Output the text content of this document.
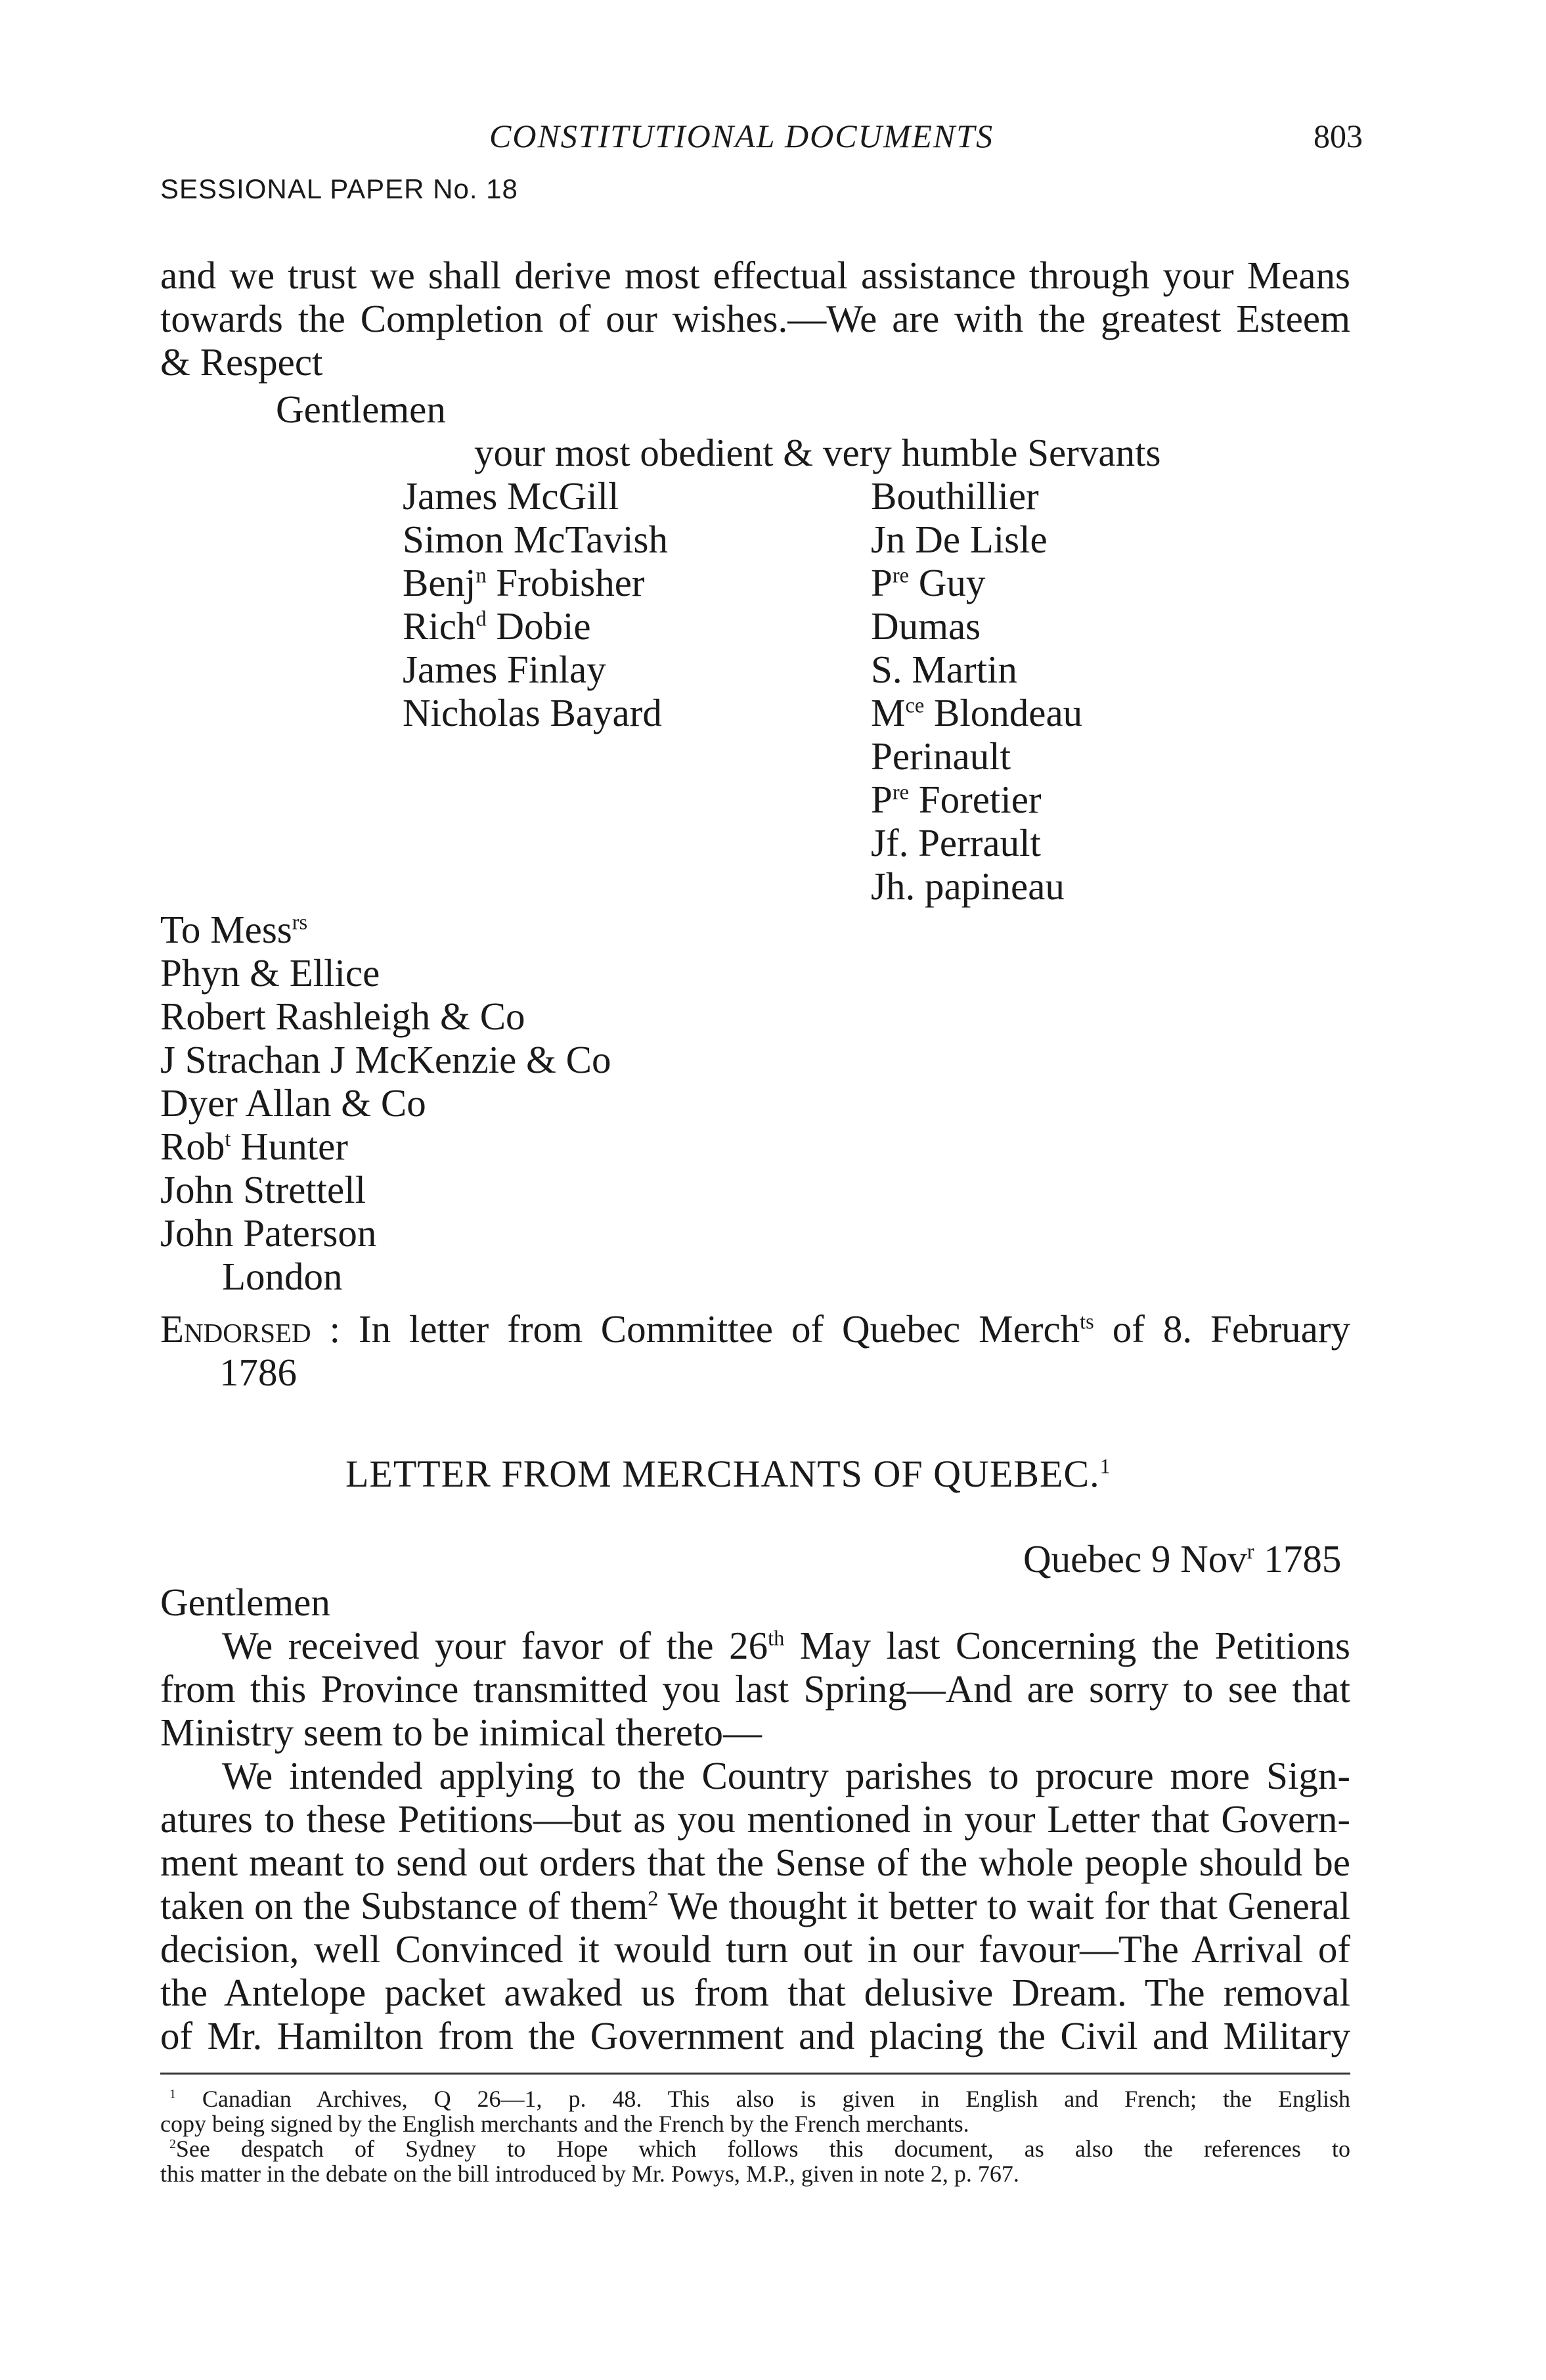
CONSTITUTIONAL DOCUMENTS	803
SESSIONAL PAPER No. 18
and we trust we shall derive most effectual assistance through your Means
towards the Completion of our wishes.—We are with the greatest Esteem
& Respect
Gentlemen
your most obedient & very humble Servants
James McGill
Simon McTavish
Benj$^n$ Frobisher
Rich$^d$ Dobie
James Finlay
Nicholas Bayard
Bouthillier
Jn De Lisle
$P^{re}$ Guy
Dumas
S. Martin
$M^{ce}$ Blondeau
Perinault
$P^{re}$ Foretier
Jf. Perrault
Jh. papineau
To Mess$^{rs}$
Phyn & Ellice
Robert Rashleigh & Co
J Strachan J McKenzie & Co
Dyer Allan & Co
Rob$^t$ Hunter
John Strettell
John Paterson
London
Endorsed : In letter from Committee of Quebec Merch$^{ts}$ of 8. February
1786
LETTER FROM MERCHANTS OF QUEBEC.$^1$
Quebec 9 Nov$^r$ 1785
Gentlemen
We received your favor of the 26th May last Concerning the Petitions
from this Province transmitted you last Spring—And are sorry to see that
Ministry seem to be inimical thereto—
We intended applying to the Country parishes to procure more Sign-
atures to these Petitions—but as you mentioned in your Letter that Govern-
ment meant to send out orders that the Sense of the whole people should be
taken on the Substance of them$^2$ We thought it better to wait for that General
decision, well Convinced it would turn out in our favour—The Arrival of
the Antelope packet awaked us from that delusive Dream. The removal
of Mr. Hamilton from the Government and placing the Civil and Military
$^1$ Canadian Archives, Q 26—1, p. 48. This also is given in English and French; the English
copy being signed by the English merchants and the French by the French merchants.
$^2$See despatch of Sydney to Hope which follows this document, as also the references to
this matter in the debate on the bill introduced by Mr. Powys, M.P., given in note 2, p. 767.
